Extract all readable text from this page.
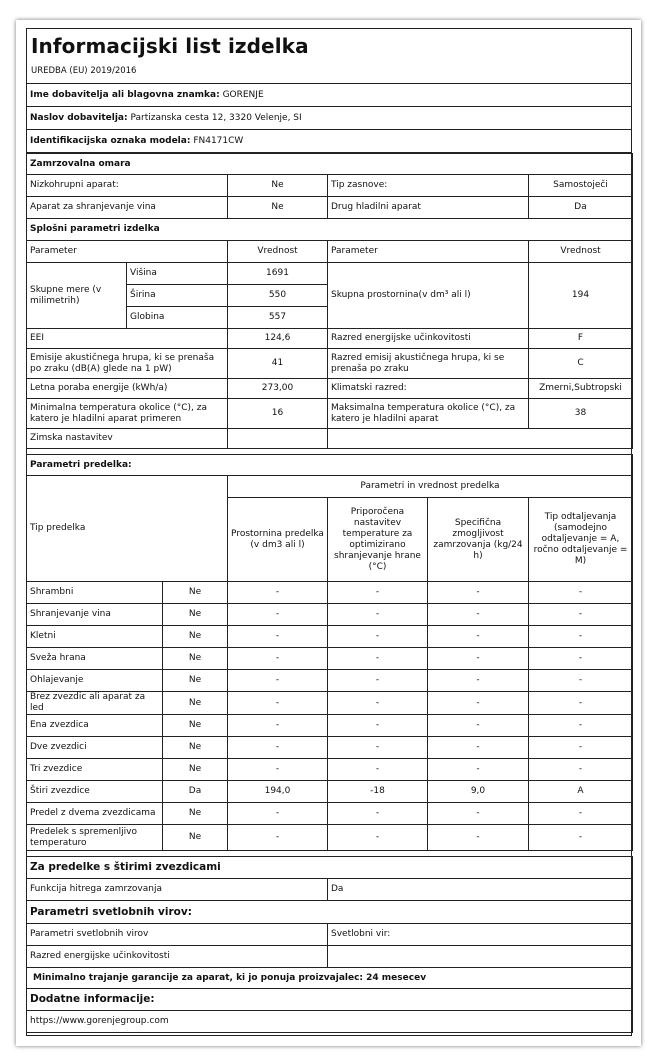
Informacijski list izdelka
UREDBA (EU) 2019/2016
Ime dobavitelja ali blagovna znamka: GORENJE
Naslov dobavitelja: Partizanska cesta 12, 3320 Velenje, SI
Identifikacijska oznaka modela: FN4171CW
Zamrzovalna omara			
Nizkohrupni aparat:	Ne	Tip zasnove:	Samostoječi
Aparat za shranjevanje vina	Ne	Drug hladilni aparat	Da
Splošni parametri izdelka				
Parameter		Vrednost	Parameter	Vrednost
Skupne mere (v milimetrih)	Višina	1691	Skupna prostornina(v dm³ ali l)	194
	Širina	550		
	Globina	557		
EEI		124,6	Razred energijske učinkovitosti	F
Emisije akustičnega hrupa, ki se prenaša po zraku (dB(A) glede na 1 pW)		41	Razred emisij akustičnega hrupa, ki se prenaša po zraku	C
Letna poraba energije (kWh/a)		273,00	Klimatski razred:	Zmerni,Subtropski
Minimalna temperatura okolice (°C), za katero je hladilni aparat primeren		16	Maksimalna temperatura okolice (°C), za katero je hladilni aparat	38
Zimska nastavitev				
Parametri predelka:					
Tip predelka		Parametri in vrednost predelka			
		Prostornina predelka (v dm3 ali l)	Priporočena nastavitev temperature za optimizirano shranjevanje hrane (°C)	Specifična zmogljivost zamrzovanja (kg/24 h)	Tip odtaljevanja (samodejno odtaljevanje = A, ročno odtaljevanje = M)
Shrambni	Ne	-	-	-	-
Shranjevanje vina	Ne	-	-	-	-
Kletni	Ne	-	-	-	-
Sveža hrana	Ne	-	-	-	-
Ohlajevanje	Ne	-	-	-	-
Brez zvezdic ali aparat za led	Ne	-	-	-	-
Ena zvezdica	Ne	-	-	-	-
Dve zvezdici	Ne	-	-	-	-
Tri zvezdice	Ne	-	-	-	-
Štiri zvezdice	Da	194,0	-18	9,0	A
Predel z dvema zvezdicama	Ne	-	-	-	-
Predelek s spremenljivo temperaturo	Ne	-	-	-	-
Za predelke s štirimi zvezdicami	
Funkcija hitrega zamrzovanja	Da
Parametri svetlobnih virov:	
Parametri svetlobnih virov	Svetlobni vir:
Razred energijske učinkovitosti	
Minimalno trajanje garancije za aparat, ki jo ponuja proizvajalec: 24 mesecev	
Dodatne informacije:	
https://www.gorenjegroup.com	
